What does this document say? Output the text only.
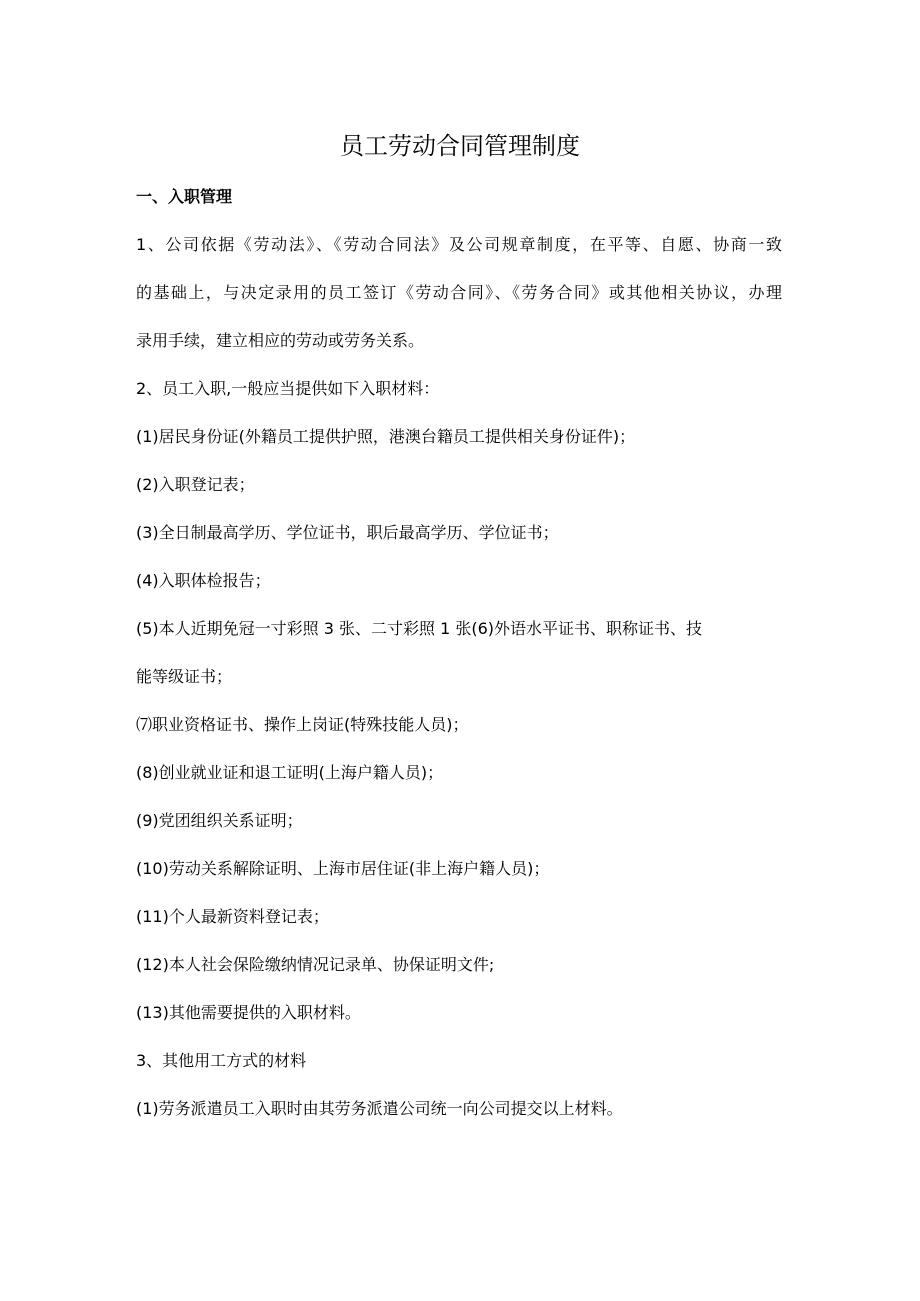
员工劳动合同管理制度
一、入职管理
1、公司依据《劳动法》、《劳动合同法》及公司规章制度，在平等、自愿、协商一致
的基础上，与决定录用的员工签订《劳动合同》、《劳务合同》或其他相关协议，办理
录用手续，建立相应的劳动或劳务关系。
2、员工入职,一般应当提供如下入职材料：
(1)居民身份证(外籍员工提供护照，港澳台籍员工提供相关身份证件)；
(2)入职登记表；
(3)全日制最高学历、学位证书，职后最高学历、学位证书；
(4)入职体检报告；
(5)本人近期免冠一寸彩照 3 张、二寸彩照 1 张(6)外语水平证书、职称证书、技
能等级证书；
⑺职业资格证书、操作上岗证(特殊技能人员)；
(8)创业就业证和退工证明(上海户籍人员)；
(9)党团组织关系证明；
(10)劳动关系解除证明、上海市居住证(非上海户籍人员)；
(11)个人最新资料登记表；
(12)本人社会保险缴纳情况记录单、协保证明文件;
(13)其他需要提供的入职材料。
3、其他用工方式的材料
(1)劳务派遣员工入职时由其劳务派遣公司统一向公司提交以上材料。
